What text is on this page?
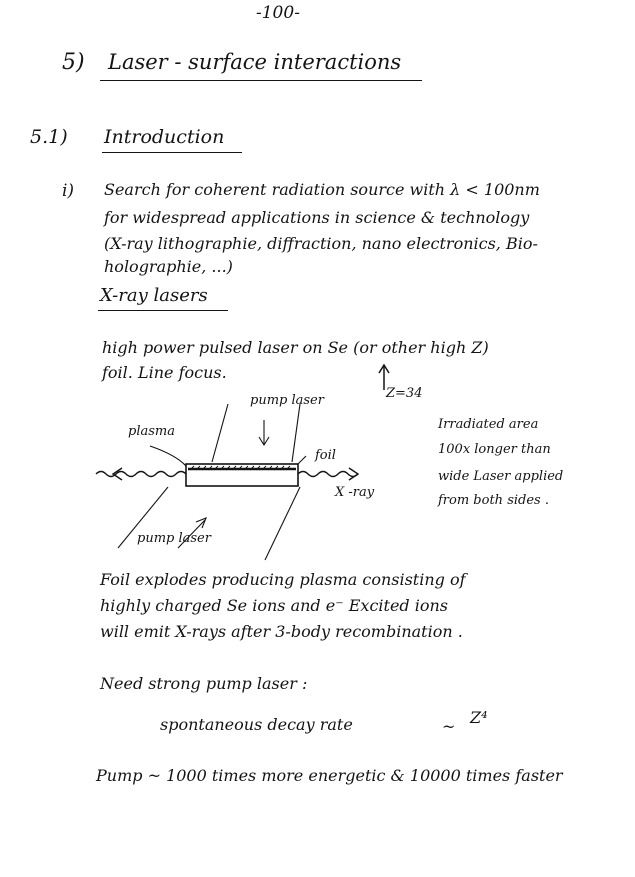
-100-
5) Laser - surface interactions
5.1) Introduction
i) Search for coherent radiation source with λ < 100nm
for widespread applications in science & technology
(X-ray lithographie, diffraction, nano electronics, Bio-
holographie, ...)
X-ray lasers
high power pulsed laser on Se (or other high Z)
foil. Line focus.
Z=34
plasma
pump laser
foil
X -ray
pump laser
Irradiated area
100x longer than
wide Laser applied
from both sides .
Foil explodes producing plasma consisting of
highly charged Se ions and e⁻ Excited ions
will emit X-rays after 3-body recombination .
Need strong pump laser :
spontaneous decay rate	~ Z⁴
Pump ~ 1000 times more energetic & 10000 times faster
